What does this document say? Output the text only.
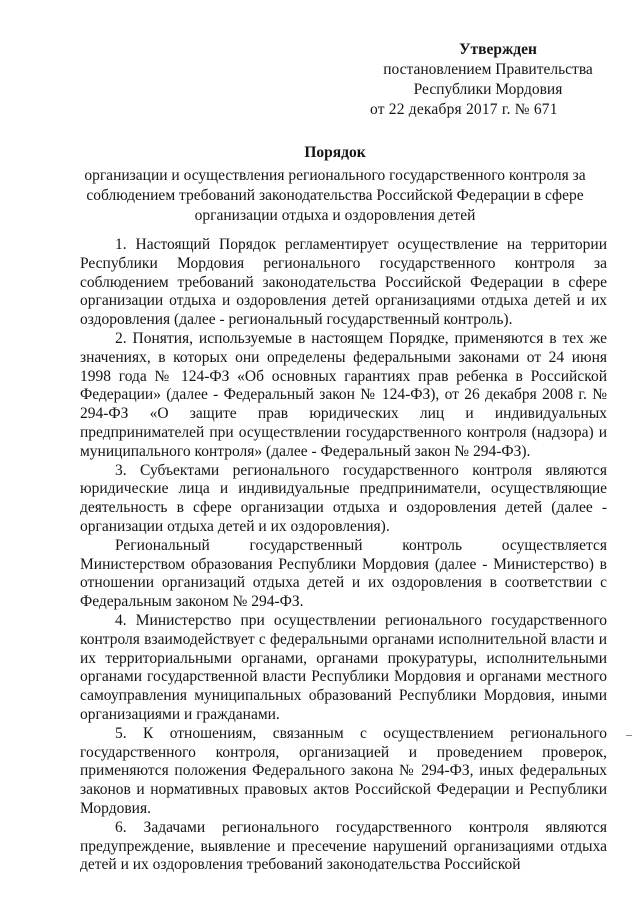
Утвержден
постановлением Правительства
Республики Мордовия
от 22 декабря 2017 г. № 671
Порядок
организации и осуществления регионального государственного контроля за соблюдением требований законодательства Российской Федерации в сфере организации отдыха и оздоровления детей

1. Настоящий Порядок регламентирует осуществление на территории Республики Мордовия регионального государственного контроля за соблюдением требований законодательства Российской Федерации в сфере организации отдыха и оздоровления детей организациями отдыха детей и их оздоровления (далее - региональный государственный контроль).

2. Понятия, используемые в настоящем Порядке, применяются в тех же значениях, в которых они определены федеральными законами от 24 июня 1998 года № 124-ФЗ «Об основных гарантиях прав ребенка в Российской Федерации» (далее - Федеральный закон № 124-ФЗ), от 26 декабря 2008 г. № 294-ФЗ «О защите прав юридических лиц и индивидуальных предпринимателей при осуществлении государственного контроля (надзора) и муниципального контроля» (далее - Федеральный закон № 294-ФЗ).

3. Субъектами регионального государственного контроля являются юридические лица и индивидуальные предприниматели, осуществляющие деятельность в сфере организации отдыха и оздоровления детей (далее - организации отдыха детей и их оздоровления).

Региональный государственный контроль осуществляется Министерством образования Республики Мордовия (далее - Министерство) в отношении организаций отдыха детей и их оздоровления в соответствии с Федеральным законом № 294-ФЗ.

4. Министерство при осуществлении регионального государственного контроля взаимодействует с федеральными органами исполнительной власти и их территориальными органами, органами прокуратуры, исполнительными органами государственной власти Республики Мордовия и органами местного самоуправления муниципальных образований Республики Мордовия, иными организациями и гражданами.

5. К отношениям, связанным с осуществлением регионального государственного контроля, организацией и проведением проверок, применяются положения Федерального закона № 294-ФЗ, иных федеральных законов и нормативных правовых актов Российской Федерации и Республики Мордовия.

6. Задачами регионального государственного контроля являются предупреждение, выявление и пресечение нарушений организациями отдыха детей и их оздоровления требований законодательства Российской
